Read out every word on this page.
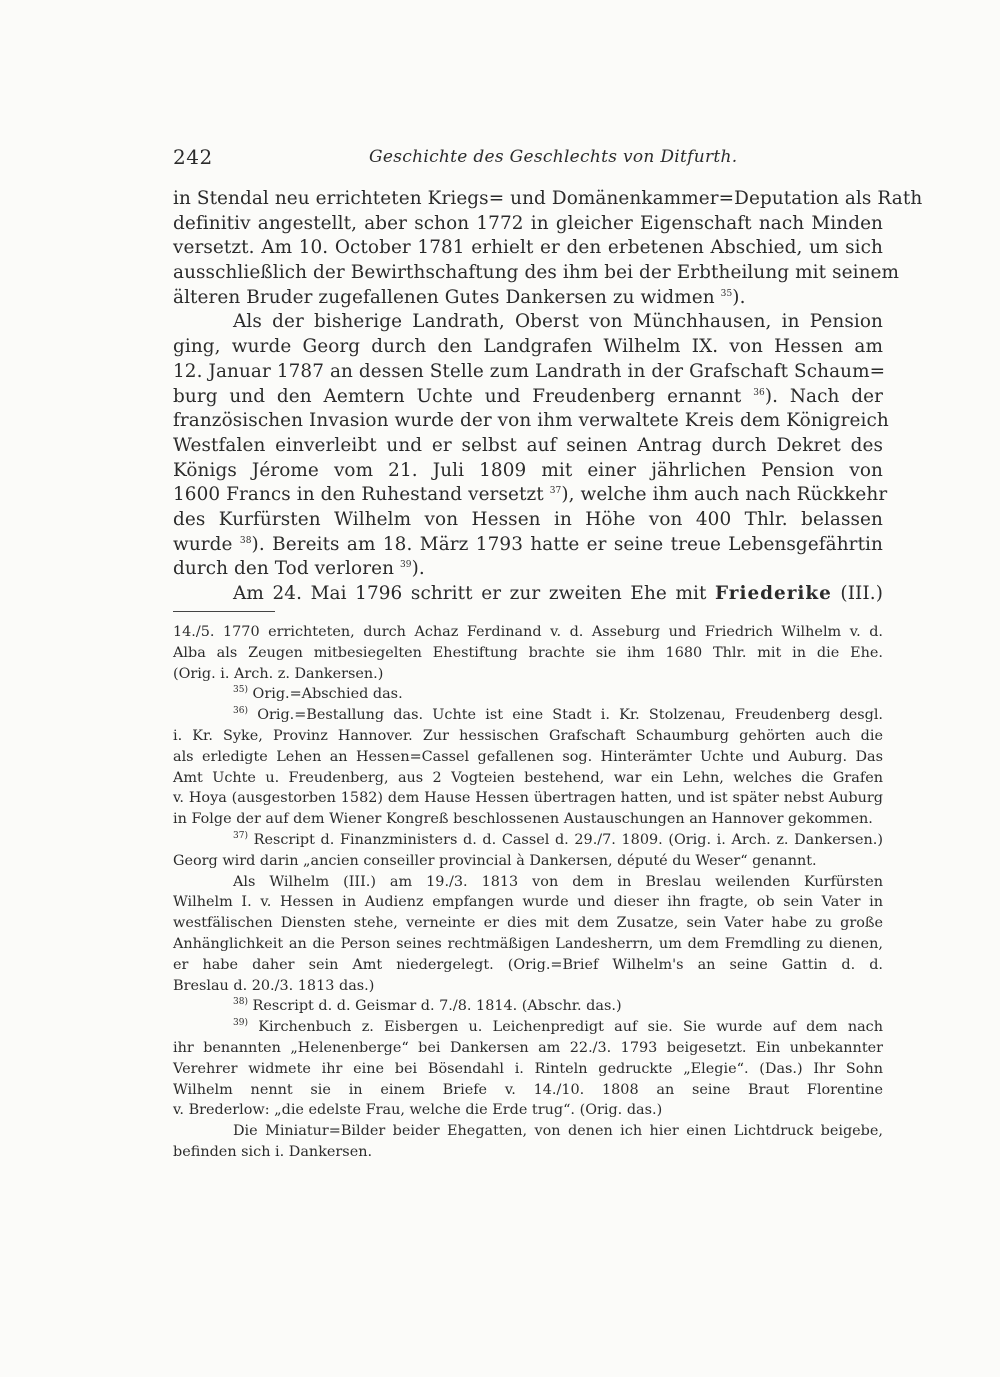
242	Geschichte des Geschlechts von Ditfurth.
in Stendal neu errichteten Kriegs= und Domänenkammer=Deputation als Rath
definitiv angestellt, aber schon 1772 in gleicher Eigenschaft nach Minden
versetzt. Am 10. October 1781 erhielt er den erbetenen Abschied, um sich
ausschließlich der Bewirthschaftung des ihm bei der Erbtheilung mit seinem
älteren Bruder zugefallenen Gutes Dankersen zu widmen $^{35}$).
Als der bisherige Landrath, Oberst von Münchhausen, in Pension
ging, wurde Georg durch den Landgrafen Wilhelm IX. von Hessen am
12. Januar 1787 an dessen Stelle zum Landrath in der Grafschaft Schaum=
burg und den Aemtern Uchte und Freudenberg ernannt $^{36}$). Nach der
französischen Invasion wurde der von ihm verwaltete Kreis dem Königreich
Westfalen einverleibt und er selbst auf seinen Antrag durch Dekret des
Königs Jérome vom 21. Juli 1809 mit einer jährlichen Pension von
1600 Francs in den Ruhestand versetzt $^{37}$), welche ihm auch nach Rückkehr
des Kurfürsten Wilhelm von Hessen in Höhe von 400 Thlr. belassen
wurde $^{38}$). Bereits am 18. März 1793 hatte er seine treue Lebensgefährtin
durch den Tod verloren $^{39}$).
Am 24. Mai 1796 schritt er zur zweiten Ehe mit Friederike (III.)
14./5. 1770 errichteten, durch Achaz Ferdinand v. d. Asseburg und Friedrich Wilhelm v. d.
Alba als Zeugen mitbesiegelten Ehestiftung brachte sie ihm 1680 Thlr. mit in die Ehe.
(Orig. i. Arch. z. Dankersen.)
$^{35)}$ Orig.=Abschied das.
$^{36)}$ Orig.=Bestallung das. Uchte ist eine Stadt i. Kr. Stolzenau, Freudenberg desgl.
i. Kr. Syke, Provinz Hannover. Zur hessischen Grafschaft Schaumburg gehörten auch die
als erledigte Lehen an Hessen=Cassel gefallenen sog. Hinterämter Uchte und Auburg. Das
Amt Uchte u. Freudenberg, aus 2 Vogteien bestehend, war ein Lehn, welches die Grafen
v. Hoya (ausgestorben 1582) dem Hause Hessen übertragen hatten, und ist später nebst Auburg
in Folge der auf dem Wiener Kongreß beschlossenen Austauschungen an Hannover gekommen.
$^{37)}$ Rescript d. Finanzministers d. d. Cassel d. 29./7. 1809. (Orig. i. Arch. z. Dankersen.)
Georg wird darin „ancien conseiller provincial à Dankersen, député du Weser“ genannt.
Als Wilhelm (III.) am 19./3. 1813 von dem in Breslau weilenden Kurfürsten
Wilhelm I. v. Hessen in Audienz empfangen wurde und dieser ihn fragte, ob sein Vater in
westfälischen Diensten stehe, verneinte er dies mit dem Zusatze, sein Vater habe zu große
Anhänglichkeit an die Person seines rechtmäßigen Landesherrn, um dem Fremdling zu dienen,
er habe daher sein Amt niedergelegt. (Orig.=Brief Wilhelm's an seine Gattin d. d.
Breslau d. 20./3. 1813 das.)
$^{38)}$ Rescript d. d. Geismar d. 7./8. 1814. (Abschr. das.)
$^{39)}$ Kirchenbuch z. Eisbergen u. Leichenpredigt auf sie. Sie wurde auf dem nach
ihr benannten „Helenenberge“ bei Dankersen am 22./3. 1793 beigesetzt. Ein unbekannter
Verehrer widmete ihr eine bei Bösendahl i. Rinteln gedruckte „Elegie“. (Das.) Ihr Sohn
Wilhelm nennt sie in einem Briefe v. 14./10. 1808 an seine Braut Florentine
v. Brederlow: „die edelste Frau, welche die Erde trug“. (Orig. das.)
Die Miniatur=Bilder beider Ehegatten, von denen ich hier einen Lichtdruck beigebe,
befinden sich i. Dankersen.
